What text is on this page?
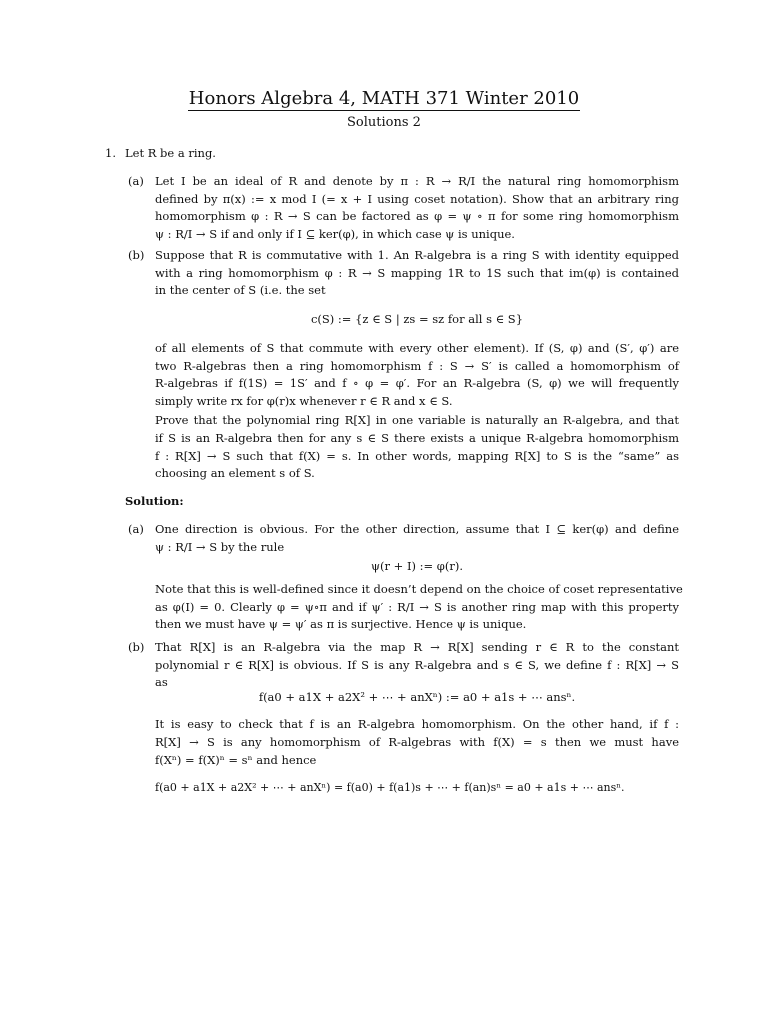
Honors Algebra 4, MATH 371 Winter 2010
Solutions 2
1. Let R be a ring.
(a) Let I be an ideal of R and denote by π : R → R/I the natural ring homomorphism
defined by π(x) := x mod I (= x + I using coset notation). Show that an arbitrary ring
homomorphism φ : R → S can be factored as φ = ψ ∘ π for some ring homomorphism
ψ : R/I → S if and only if I ⊆ ker(φ), in which case ψ is unique.
(b) Suppose that R is commutative with 1. An R-algebra is a ring S with identity equipped
with a ring homomorphism φ : R → S mapping 1R to 1S such that im(φ) is contained
in the center of S (i.e. the set
c(S) := {z ∈ S | zs = sz for all s ∈ S}
of all elements of S that commute with every other element). If (S, φ) and (S′, φ′) are
two R-algebras then a ring homomorphism f : S → S′ is called a homomorphism of
R-algebras if f(1S) = 1S′ and f ∘ φ = φ′. For an R-algebra (S, φ) we will frequently
simply write rx for φ(r)x whenever r ∈ R and x ∈ S.
Prove that the polynomial ring R[X] in one variable is naturally an R-algebra, and that
if S is an R-algebra then for any s ∈ S there exists a unique R-algebra homomorphism
f : R[X] → S such that f(X) = s. In other words, mapping R[X] to S is the “same” as
choosing an element s of S.
Solution:
(a) One direction is obvious. For the other direction, assume that I ⊆ ker(φ) and define
ψ : R/I → S by the rule
ψ(r + I) := φ(r).
Note that this is well-defined since it doesn’t depend on the choice of coset representative
as φ(I) = 0. Clearly φ = ψ∘π and if ψ′ : R/I → S is another ring map with this property
then we must have ψ = ψ′ as π is surjective. Hence ψ is unique.
(b) That R[X] is an R-algebra via the map R → R[X] sending r ∈ R to the constant
polynomial r ∈ R[X] is obvious. If S is any R-algebra and s ∈ S, we define f : R[X] → S
as
f(a0 + a1X + a2X² + ⋯ + anXⁿ) := a0 + a1s + ⋯ ansⁿ.
It is easy to check that f is an R-algebra homomorphism. On the other hand, if f :
R[X] → S is any homomorphism of R-algebras with f(X) = s then we must have
f(Xⁿ) = f(X)ⁿ = sⁿ and hence
f(a0 + a1X + a2X² + ⋯ + anXⁿ) = f(a0) + f(a1)s + ⋯ + f(an)sⁿ = a0 + a1s + ⋯ ansⁿ.
